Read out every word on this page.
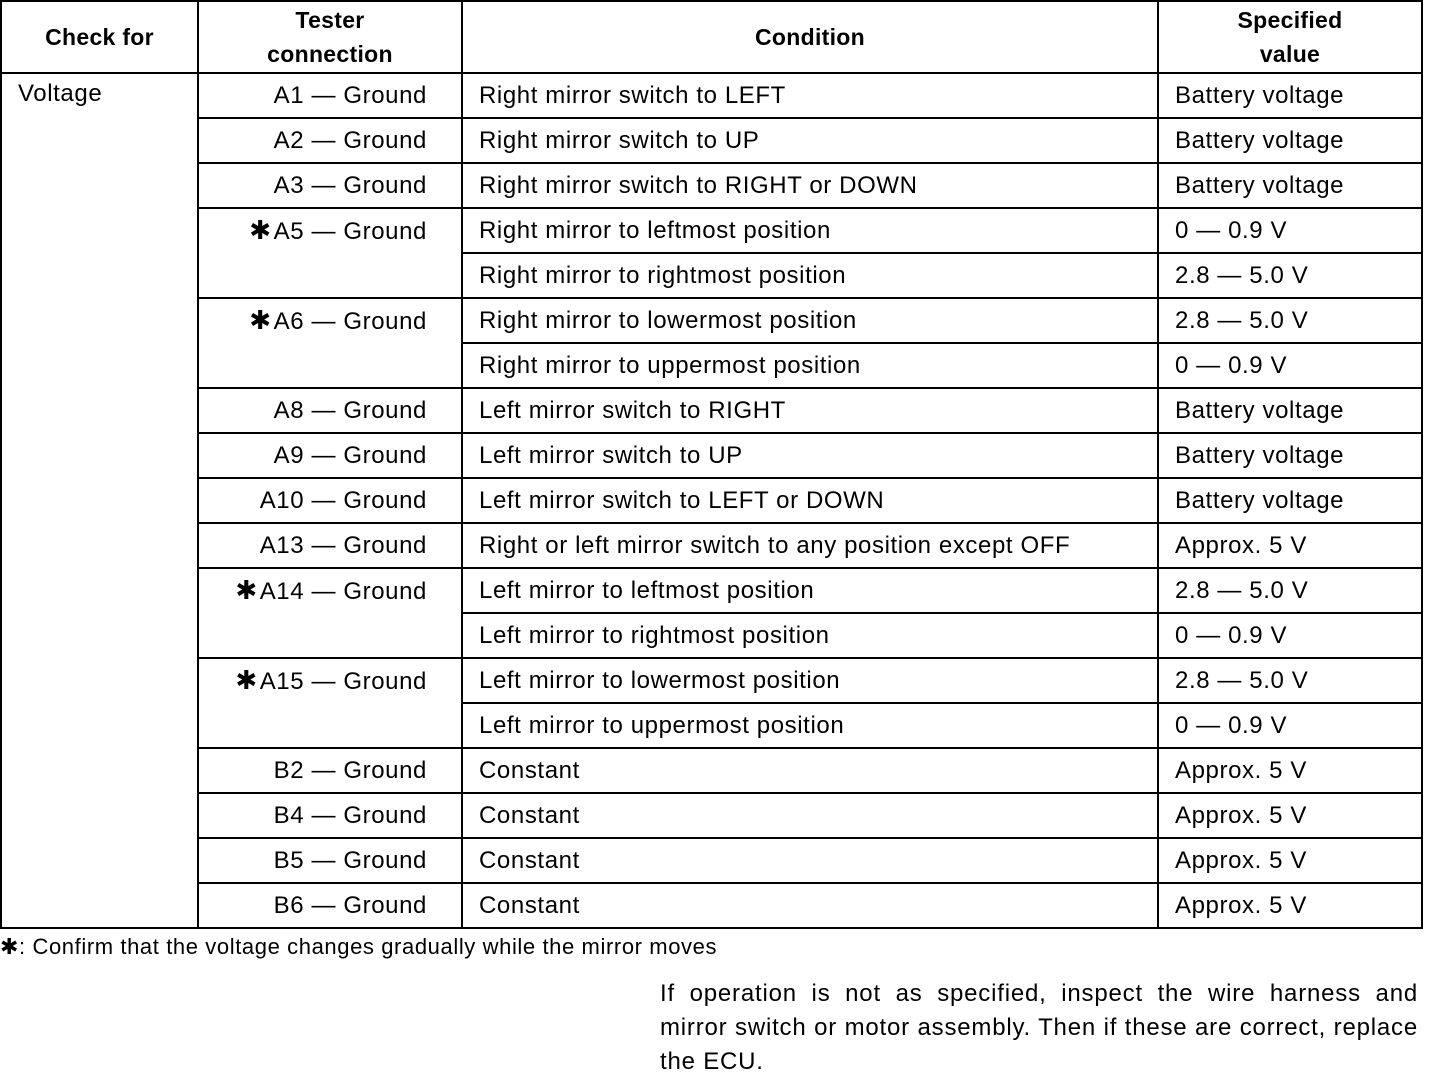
Check for	Tester connection	Condition	Specified value
Voltage	A1 — Ground	Right mirror switch to LEFT	Battery voltage
	A2 — Ground	Right mirror switch to UP	Battery voltage
	A3 — Ground	Right mirror switch to RIGHT or DOWN	Battery voltage
	✱A5 — Ground	Right mirror to leftmost position	0 — 0.9 V
		Right mirror to rightmost position	2.8 — 5.0 V
	✱A6 — Ground	Right mirror to lowermost position	2.8 — 5.0 V
		Right mirror to uppermost position	0 — 0.9 V
	A8 — Ground	Left mirror switch to RIGHT	Battery voltage
	A9 — Ground	Left mirror switch to UP	Battery voltage
	A10 — Ground	Left mirror switch to LEFT or DOWN	Battery voltage
	A13 — Ground	Right or left mirror switch to any position except OFF	Approx. 5 V
	✱A14 — Ground	Left mirror to leftmost position	2.8 — 5.0 V
		Left mirror to rightmost position	0 — 0.9 V
	✱A15 — Ground	Left mirror to lowermost position	2.8 — 5.0 V
		Left mirror to uppermost position	0 — 0.9 V
	B2 — Ground	Constant	Approx. 5 V
	B4 — Ground	Constant	Approx. 5 V
	B5 — Ground	Constant	Approx. 5 V
	B6 — Ground	Constant	Approx. 5 V
✱: Confirm that the voltage changes gradually while the mirror moves
If operation is not as specified, inspect the wire harness and mirror switch or motor assembly. Then if these are correct, replace the ECU.
